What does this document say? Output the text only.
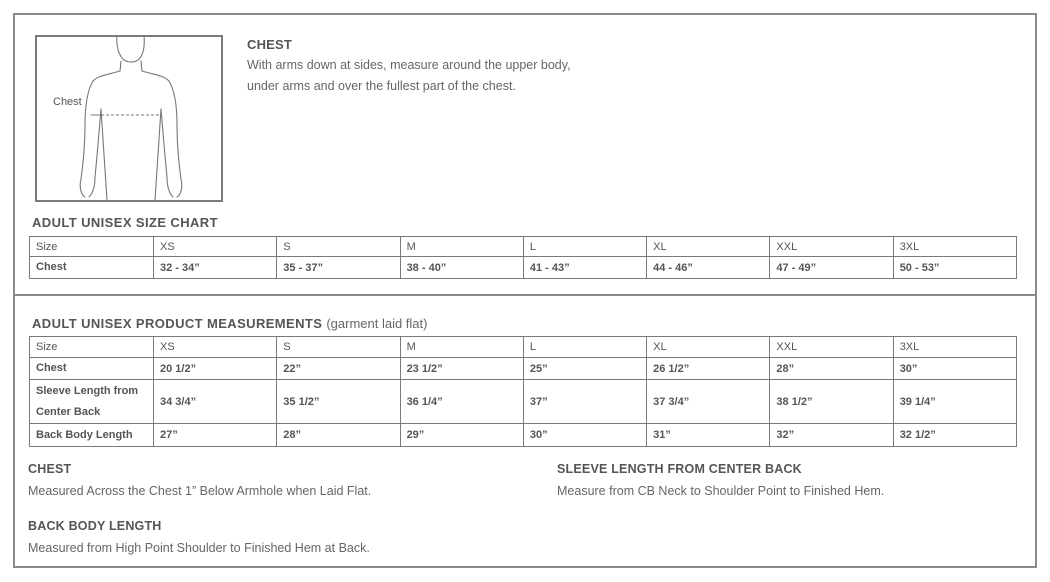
Chest
CHEST
With arms down at sides, measure around the upper body,
under arms and over the fullest part of the chest.
ADULT UNISEX SIZE CHART
Size	XS	S	M	L	XL	XXL	3XL
Chest	32 - 34”	35 - 37”	38 - 40”	41 - 43”	44 - 46”	47 - 49”	50 - 53”
ADULT UNISEX PRODUCT MEASUREMENTS (garment laid flat)
Size	XS	S	M	L	XL	XXL	3XL
Chest	20 1/2”	22”	23 1/2”	25”	26 1/2”	28”	30”

Sleeve Length from
Center Back	34 3/4”	35 1/2”	36 1/4”	37”	37 3/4”	38 1/2”	39 1/4”
Back Body Length	27”	28”	29”	30”	31”	32”	32 1/2”
CHEST
Measured Across the Chest 1” Below Armhole when Laid Flat.
SLEEVE LENGTH FROM CENTER BACK
Measure from CB Neck to Shoulder Point to Finished Hem.
BACK BODY LENGTH
Measured from High Point Shoulder to Finished Hem at Back.
